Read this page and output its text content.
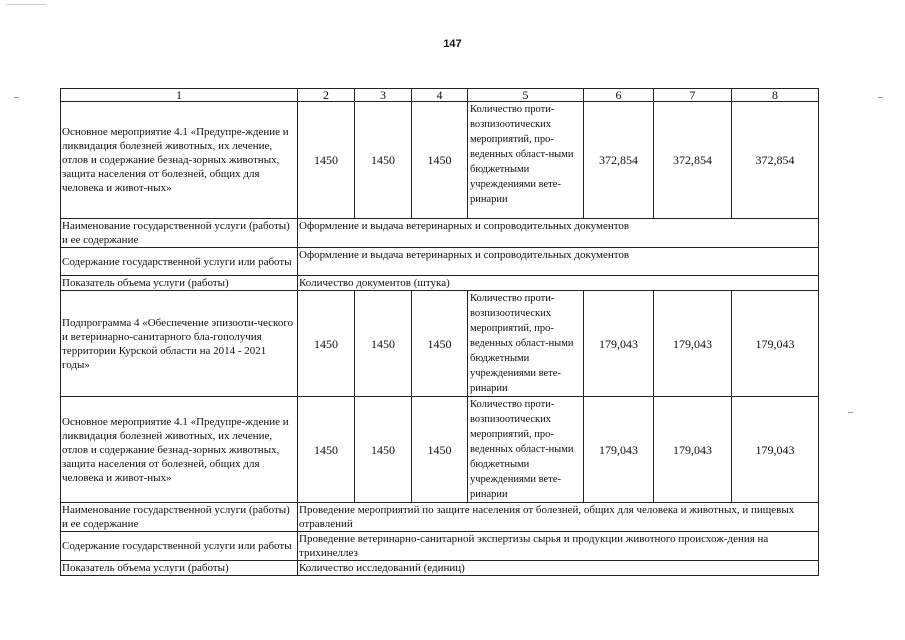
147
1	2	3	4	5	6	7	8
Основное мероприятие 4.1 «Предупре-ждение и ликвидация болезней животных, их лечение, отлов и содержание безнад-зорных животных, защита населения от болезней, общих для человека и живот-ных»	1450	1450	1450	Количество проти-возпизоотических мероприятий, про-веденных област-ными бюджетными учреждениями вете-ринарии	372,854	372,854	372,854
Наименование государственной услуги (работы) и ее содержание	Оформление и выдача ветеринарных и сопроводительных документов						
Содержание государственной услуги или работы	Оформление и выдача ветеринарных и сопроводительных документов						
Показатель объема услуги (работы)	Количество документов (штука)						
Подпрограмма 4 «Обеспечение эпизооти-ческого и ветеринарно-санитарного бла-гополучия территории Курской области на 2014 - 2021 годы»	1450	1450	1450	Количество проти-возпизоотических мероприятий, про-веденных област-ными бюджетными учреждениями вете-ринарии	179,043	179,043	179,043
Основное мероприятие 4.1 «Предупре-ждение и ликвидация болезней животных, их лечение, отлов и содержание безнад-зорных животных, защита населения от болезней, общих для человека и живот-ных»	1450	1450	1450	Количество проти-возпизоотических мероприятий, про-веденных област-ными бюджетными учреждениями вете-ринарии	179,043	179,043	179,043
Наименование государственной услуги (работы) и ее содержание	Проведение мероприятий по защите населения от болезней, общих для человека и животных, и пищевых отравлений						
Содержание государственной услуги или работы	Проведение ветеринарно-санитарной экспертизы сырья и продукции животного происхож-дения на трихинеллез						
Показатель объема услуги (работы)	Количество исследований (единиц)						
